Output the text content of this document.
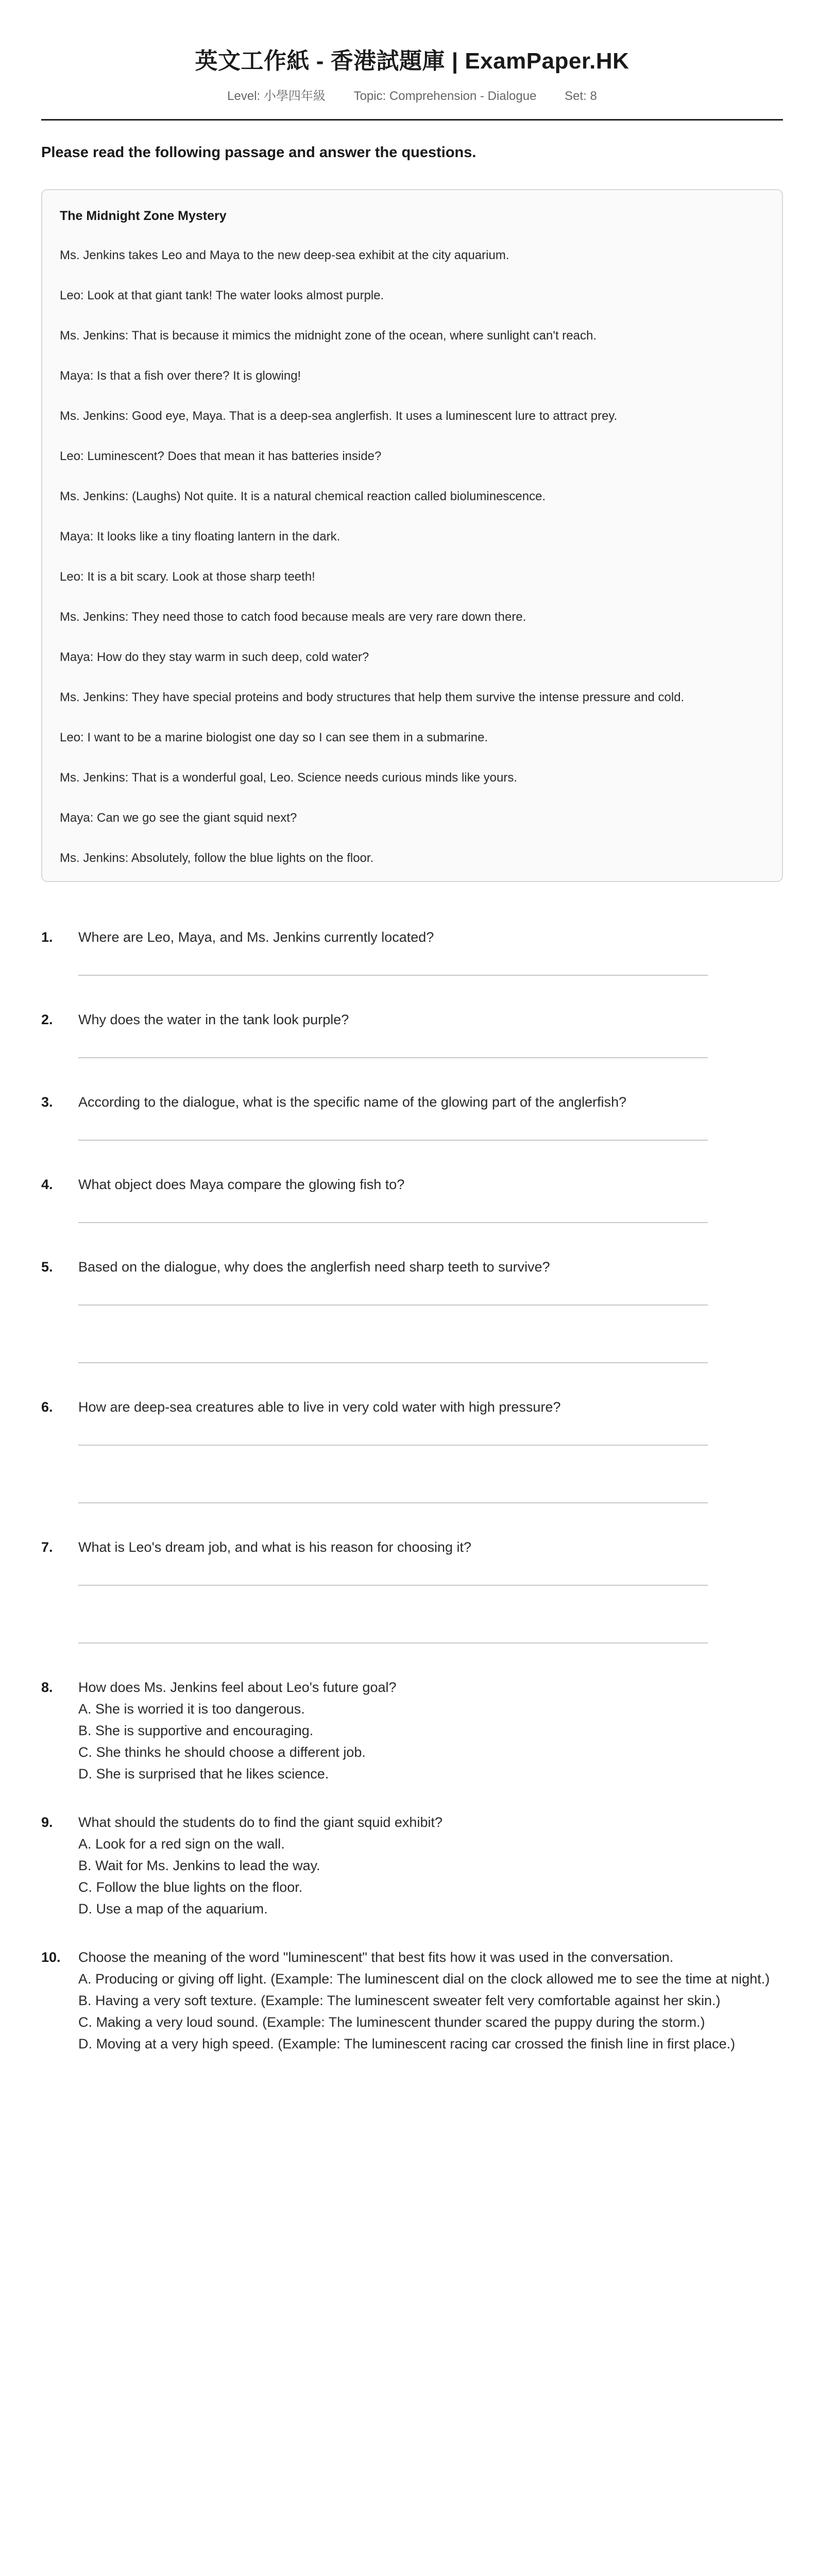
英文工作紙 - 香港試題庫 | ExamPaper.HK
Level: 小學四年級 Topic: Comprehension - Dialogue Set: 8
Please read the following passage and answer the questions.
The Midnight Zone Mystery
Ms. Jenkins takes Leo and Maya to the new deep-sea exhibit at the city aquarium.
Leo: Look at that giant tank! The water looks almost purple.
Ms. Jenkins: That is because it mimics the midnight zone of the ocean, where sunlight can't reach.
Maya: Is that a fish over there? It is glowing!
Ms. Jenkins: Good eye, Maya. That is a deep-sea anglerfish. It uses a luminescent lure to attract prey.
Leo: Luminescent? Does that mean it has batteries inside?
Ms. Jenkins: (Laughs) Not quite. It is a natural chemical reaction called bioluminescence.
Maya: It looks like a tiny floating lantern in the dark.
Leo: It is a bit scary. Look at those sharp teeth!
Ms. Jenkins: They need those to catch food because meals are very rare down there.
Maya: How do they stay warm in such deep, cold water?
Ms. Jenkins: They have special proteins and body structures that help them survive the intense pressure and cold.
Leo: I want to be a marine biologist one day so I can see them in a submarine.
Ms. Jenkins: That is a wonderful goal, Leo. Science needs curious minds like yours.
Maya: Can we go see the giant squid next?
Ms. Jenkins: Absolutely, follow the blue lights on the floor.
1. Where are Leo, Maya, and Ms. Jenkins currently located?
2. Why does the water in the tank look purple?
3. According to the dialogue, what is the specific name of the glowing part of the anglerfish?
4. What object does Maya compare the glowing fish to?
5. Based on the dialogue, why does the anglerfish need sharp teeth to survive?
6. How are deep-sea creatures able to live in very cold water with high pressure?
7. What is Leo's dream job, and what is his reason for choosing it?
8. How does Ms. Jenkins feel about Leo's future goal?
A. She is worried it is too dangerous.
B. She is supportive and encouraging.
C. She thinks he should choose a different job.
D. She is surprised that he likes science.
9. What should the students do to find the giant squid exhibit?
A. Look for a red sign on the wall.
B. Wait for Ms. Jenkins to lead the way.
C. Follow the blue lights on the floor.
D. Use a map of the aquarium.
10. Choose the meaning of the word "luminescent" that best fits how it was used in the conversation.
A. Producing or giving off light. (Example: The luminescent dial on the clock allowed me to see the time at night.)
B. Having a very soft texture. (Example: The luminescent sweater felt very comfortable against her skin.)
C. Making a very loud sound. (Example: The luminescent thunder scared the puppy during the storm.)
D. Moving at a very high speed. (Example: The luminescent racing car crossed the finish line in first place.)
